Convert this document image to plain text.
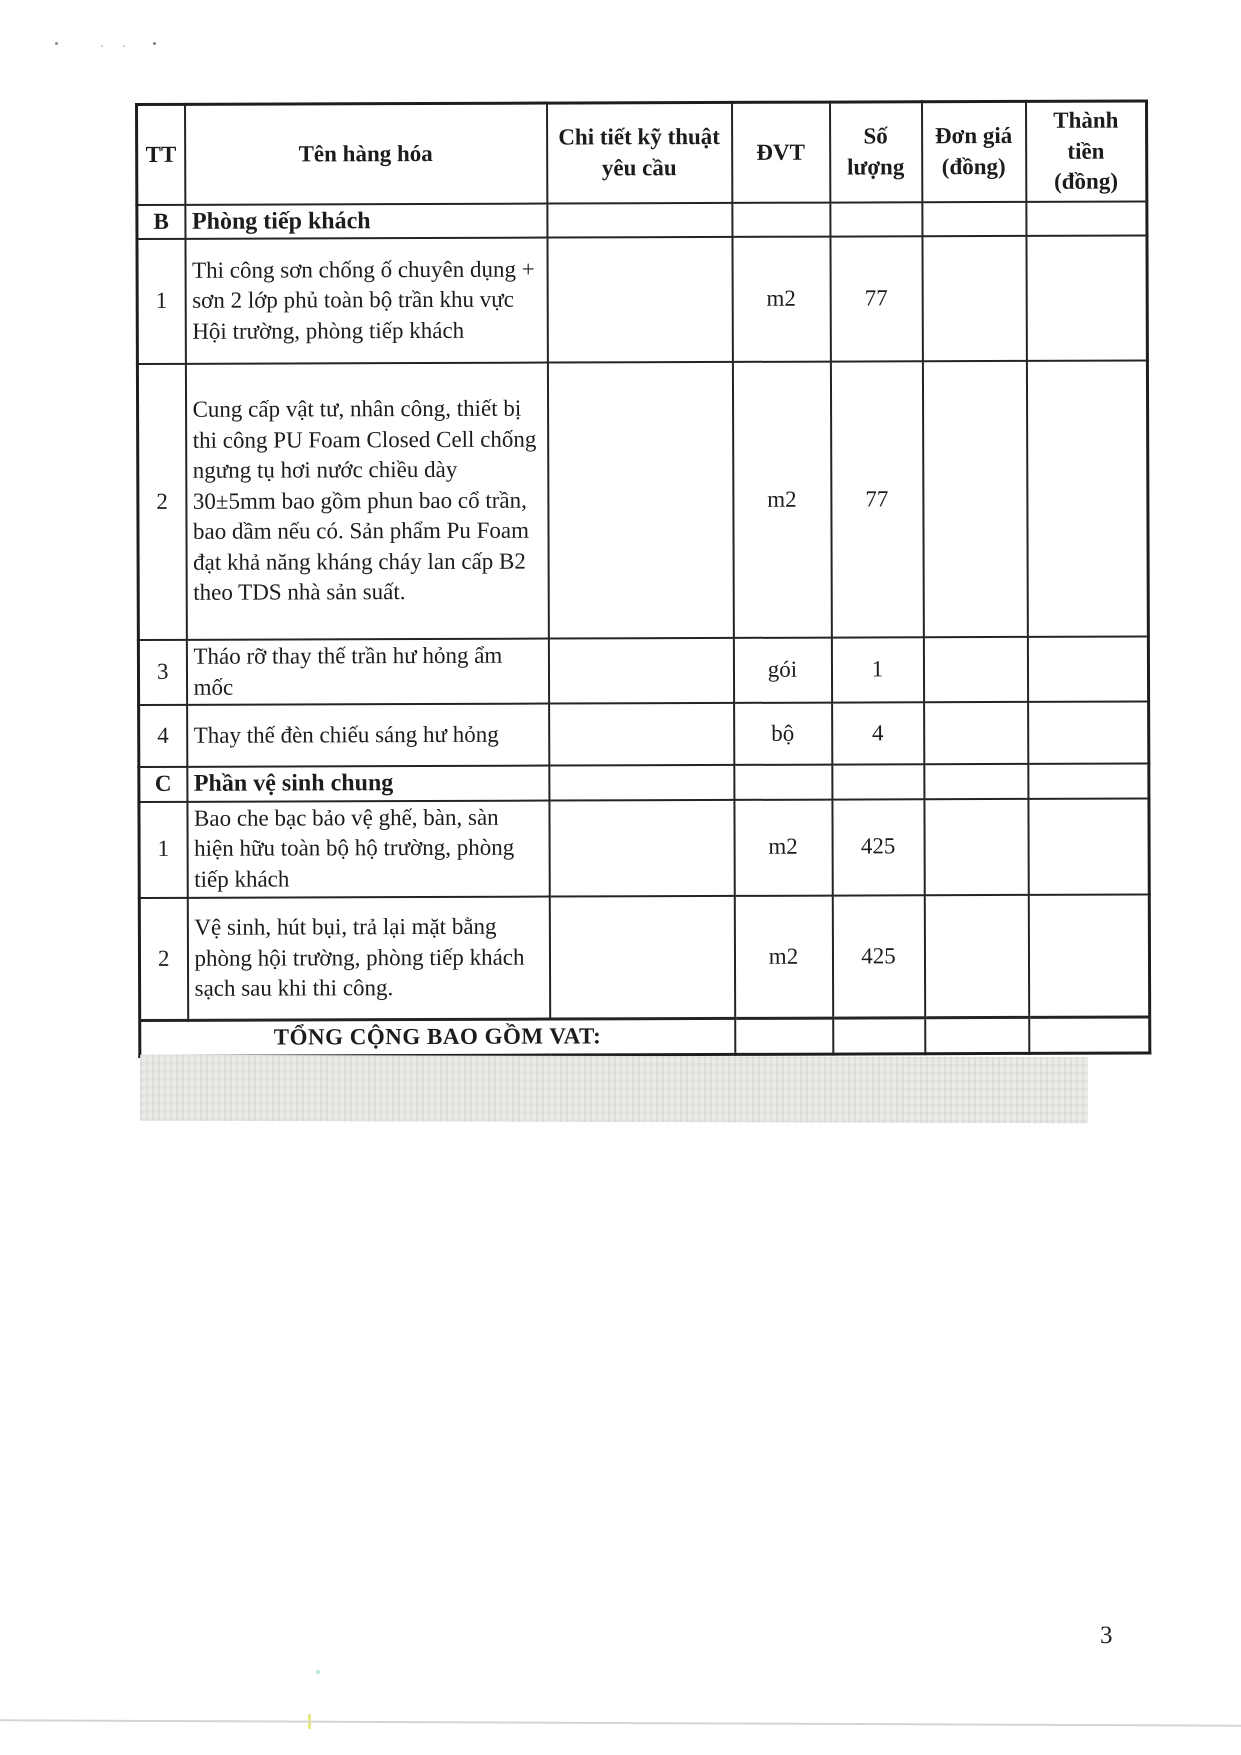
TT	Tên hàng hóa	Chi tiết kỹ thuật yêu cầu	ĐVT	Số lượng	Đơn giá (đồng)	Thành tiền (đồng)
B	Phòng tiếp khách					
1	Thi công sơn chống ố chuyên dụng + sơn 2 lớp phủ toàn bộ trần khu vực Hội trường, phòng tiếp khách		m2	77		
2	Cung cấp vật tư, nhân công, thiết bị thi công PU Foam Closed Cell chống ngưng tụ hơi nước chiều dày 30±5mm bao gồm phun bao cổ trần, bao dầm nếu có. Sản phẩm Pu Foam đạt khả năng kháng cháy lan cấp B2 theo TDS nhà sản suất.		m2	77		
3	Tháo rỡ thay thế trần hư hỏng ẩm mốc		gói	1		
4	Thay thế đèn chiếu sáng hư hỏng		bộ	4		
C	Phần vệ sinh chung					
1	Bao che bạc bảo vệ ghế, bàn, sàn hiện hữu toàn bộ hộ trường, phòng tiếp khách		m2	425		
2	Vệ sinh, hút bụi, trả lại mặt bằng phòng hội trường, phòng tiếp khách sạch sau khi thi công.		m2	425		
TỔNG CỘNG BAO GỒM VAT:						
3
